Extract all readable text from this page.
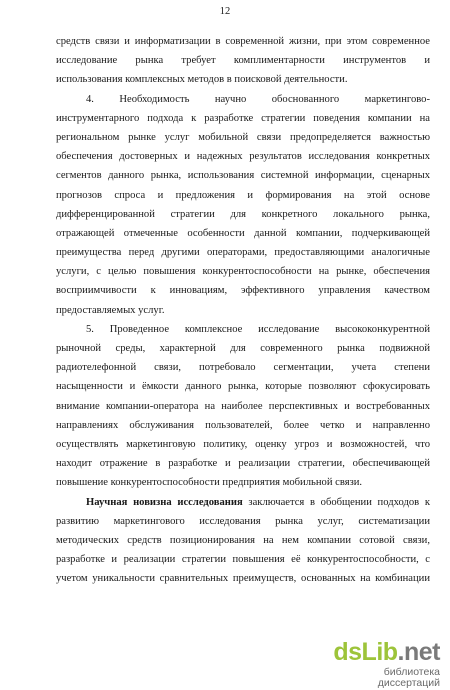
12
средств связи и информатизации в современной жизни, при этом современное
исследование рынка требует комплиментарности инструментов и
использования комплексных методов в поисковой деятельности.
4. Необходимость научно обоснованного маркетингово-
инструментарного подхода к разработке стратегии поведения компании на
региональном рынке услуг мобильной связи предопределяется важностью
обеспечения достоверных и надежных результатов исследования конкретных
сегментов данного рынка, использования системной информации, сценарных
прогнозов спроса и предложения и формирования на этой основе
дифференцированной стратегии для конкретного локального рынка,
отражающей отмеченные особенности данной компании, подчеркивающей
преимущества перед другими операторами, предоставляющими аналогичные
услуги, с целью повышения конкурентоспособности на рынке, обеспечения
восприимчивости к инновациям, эффективного управления качеством
предоставляемых услуг.
5. Проведенное комплексное исследование высококонкурентной
рыночной среды, характерной для современного рынка подвижной
радиотелефонной связи, потребовало сегментации, учета степени
насыщенности и ёмкости данного рынка, которые позволяют сфокусировать
внимание компании-оператора на наиболее перспективных и востребованных
направлениях обслуживания пользователей, более четко и направленно
осуществлять маркетинговую политику, оценку угроз и возможностей, что
находит отражение в разработке и реализации стратегии, обеспечивающей
повышение конкурентоспособности предприятия мобильной связи.
Научная новизна исследования заключается в обобщении подходов к
развитию маркетингового исследования рынка услуг, систематизации
методических средств позиционирования на нем компании сотовой связи,
разработке и реализации стратегии повышения её конкурентоспособности, с
учетом уникальности сравнительных преимуществ, основанных на комбинации
dsLib.net
библиотека диссертаций
